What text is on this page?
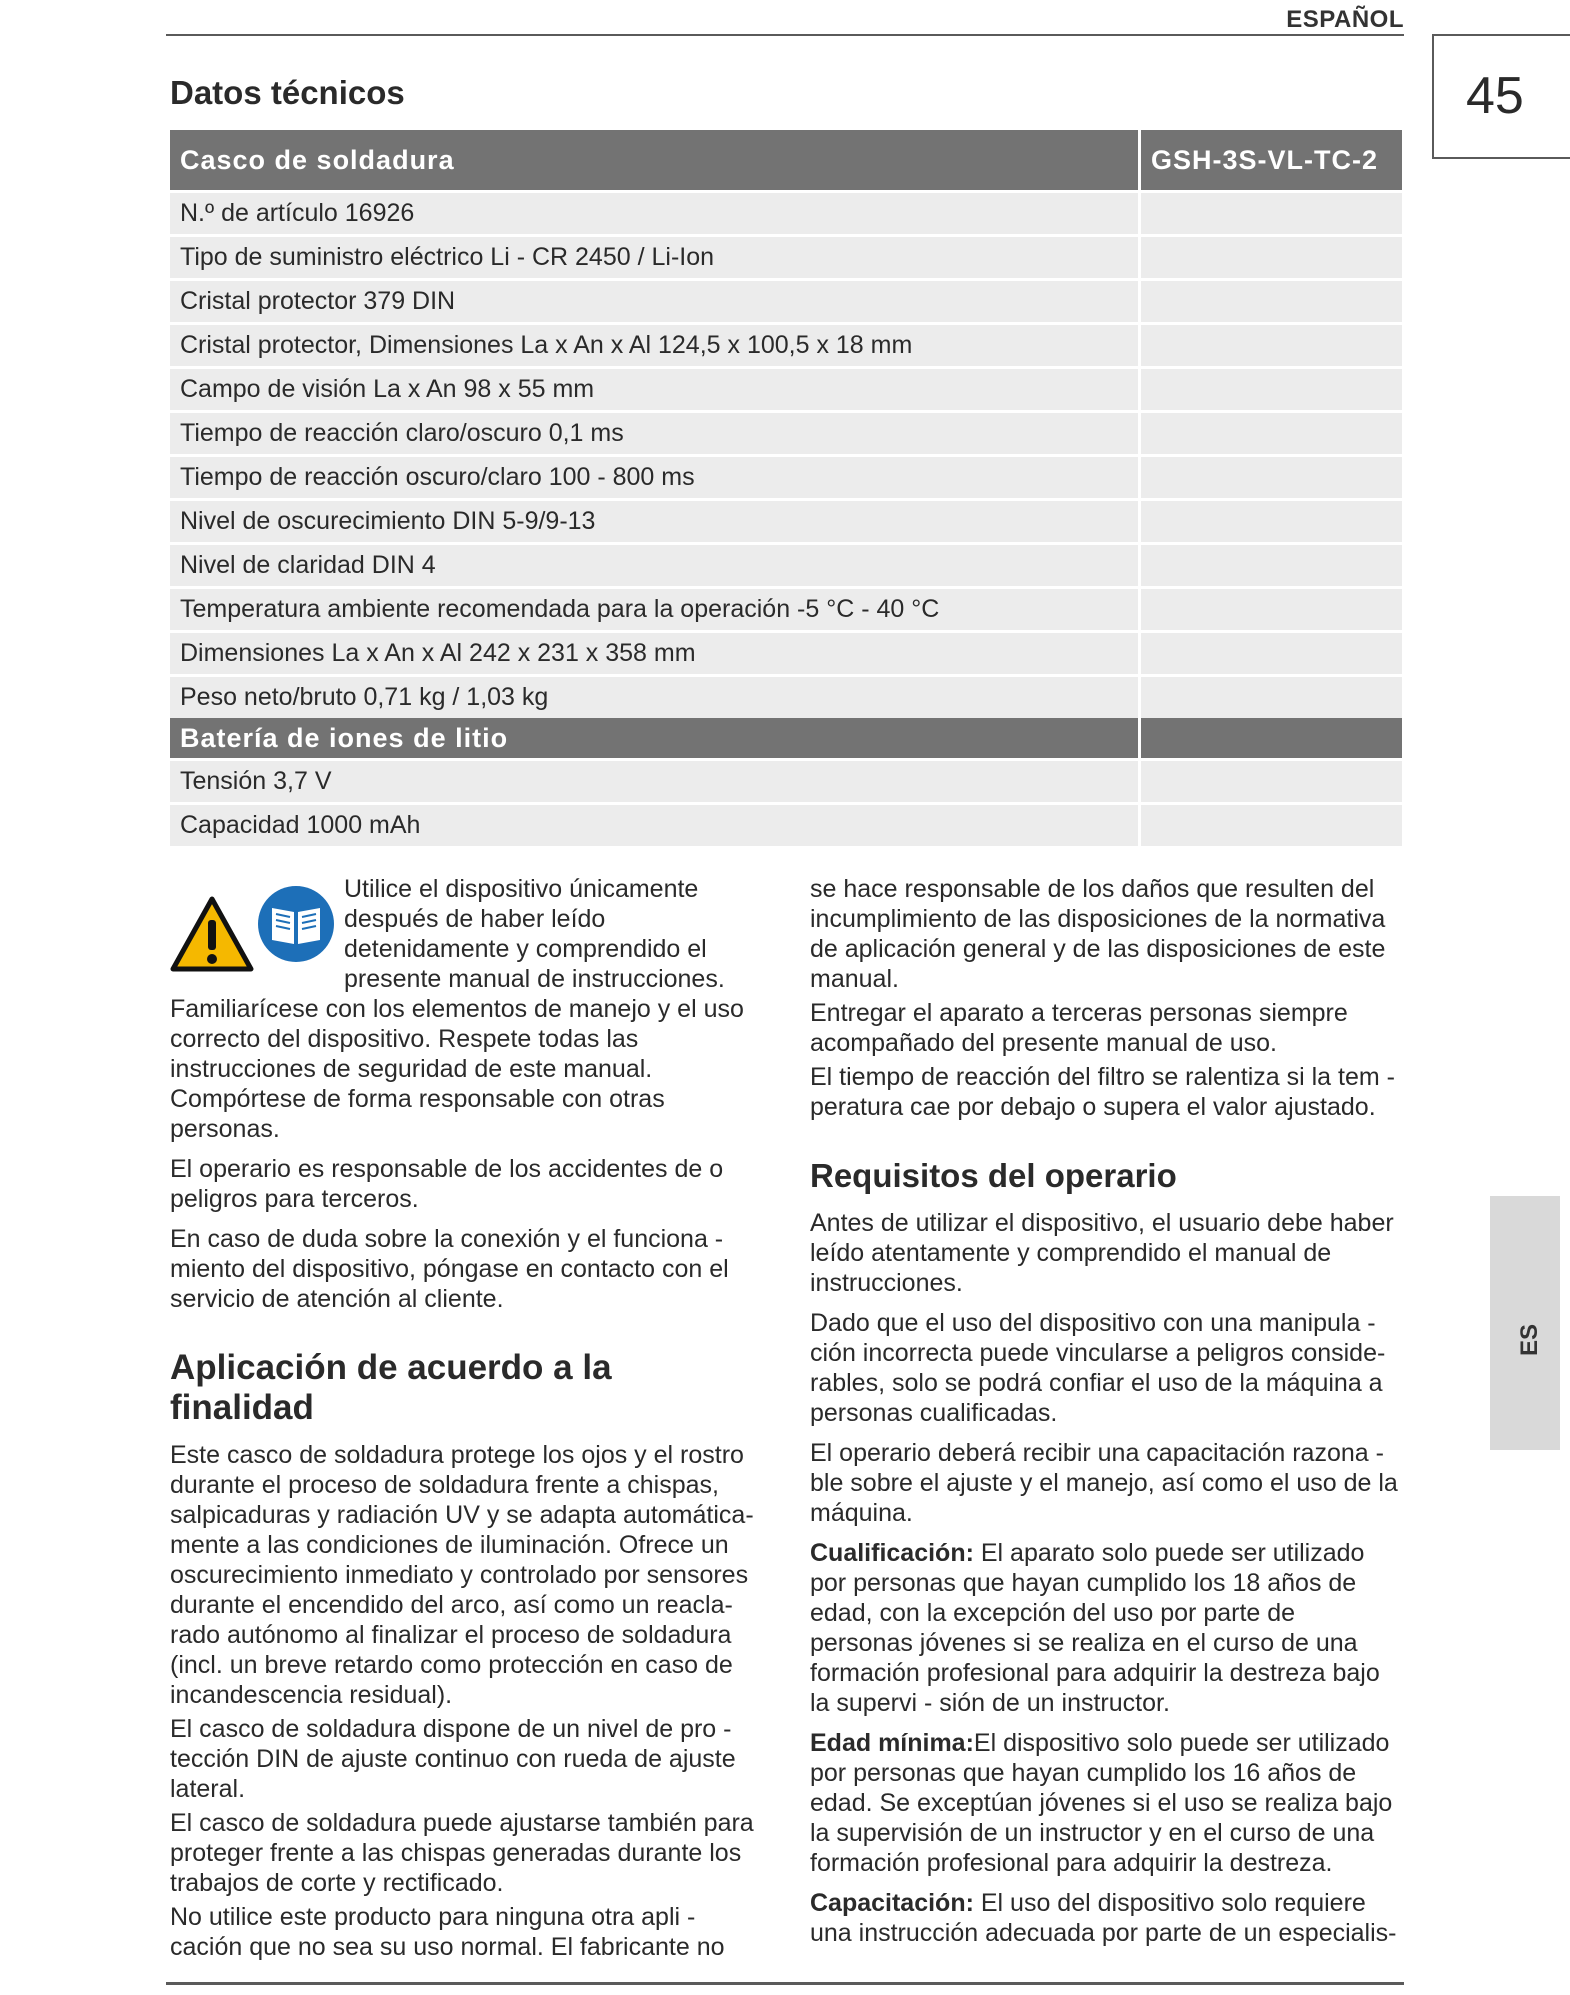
ESPAÑOL
45
Datos técnicos
Casco de soldadura	GSH-3S-VL-TC-2
N.º de artículo 16926	
Tipo de suministro eléctrico Li - CR 2450 / Li-Ion	
Cristal protector 379 DIN	
Cristal protector, Dimensiones La x An x Al 124,5 x 100,5 x 18 mm	
Campo de visión La x An 98 x 55 mm	
Tiempo de reacción claro/oscuro 0,1 ms	
Tiempo de reacción oscuro/claro 100 - 800 ms	
Nivel de oscurecimiento DIN 5-9/9-13	
Nivel de claridad DIN 4	
Temperatura ambiente recomendada para la operación -5 °C - 40 °C	
Dimensiones La x An x Al 242 x 231 x 358 mm	
Peso neto/bruto 0,71 kg / 1,03 kg	
Batería de iones de litio	
Tensión 3,7 V	
Capacidad 1000 mAh	

Utilice el dispositivo únicamente después de haber leído detenidamente y comprendido el presente manual de instrucciones. Familiarícese con los elementos de manejo y el uso correcto del dispositivo. Respete todas las instrucciones de seguridad de este manual. Compórtese de forma responsable con otras personas.

El operario es responsable de los accidentes de o peligros para terceros.

En caso de duda sobre la conexión y el funciona - miento del dispositivo, póngase en contacto con el servicio de atención al cliente.

Aplicación de acuerdo a la finalidad

Este casco de soldadura protege los ojos y el rostro durante el proceso de soldadura frente a chispas, salpicaduras y radiación UV y se adapta automática- mente a las condiciones de iluminación. Ofrece un oscurecimiento inmediato y controlado por sensores durante el encendido del arco, así como un reacla- rado autónomo al finalizar el proceso de soldadura (incl. un breve retardo como protección en caso de incandescencia residual).

El casco de soldadura dispone de un nivel de pro - tección DIN de ajuste continuo con rueda de ajuste lateral.

El casco de soldadura puede ajustarse también para proteger frente a las chispas generadas durante los trabajos de corte y rectificado.

No utilice este producto para ninguna otra apli - cación que no sea su uso normal. El fabricante no

se hace responsable de los daños que resulten del incumplimiento de las disposiciones de la normativa de aplicación general y de las disposiciones de este manual.

Entregar el aparato a terceras personas siempre acompañado del presente manual de uso.

El tiempo de reacción del filtro se ralentiza si la tem - peratura cae por debajo o supera el valor ajustado.

Requisitos del operario

Antes de utilizar el dispositivo, el usuario debe haber leído atentamente y comprendido el manual de instrucciones.

Dado que el uso del dispositivo con una manipula - ción incorrecta puede vincularse a peligros conside- rables, solo se podrá confiar el uso de la máquina a personas cualificadas.

El operario deberá recibir una capacitación razona - ble sobre el ajuste y el manejo, así como el uso de la máquina.

Cualificación: El aparato solo puede ser utilizado por personas que hayan cumplido los 18 años de edad, con la excepción del uso por parte de personas jóvenes si se realiza en el curso de una formación profesional para adquirir la destreza bajo la supervi - sión de un instructor.

Edad mínima:El dispositivo solo puede ser utilizado por personas que hayan cumplido los 16 años de edad. Se exceptúan jóvenes si el uso se realiza bajo la supervisión de un instructor y en el curso de una formación profesional para adquirir la destreza.

Capacitación: El uso del dispositivo solo requiere una instrucción adecuada por parte de un especialis-

ES
